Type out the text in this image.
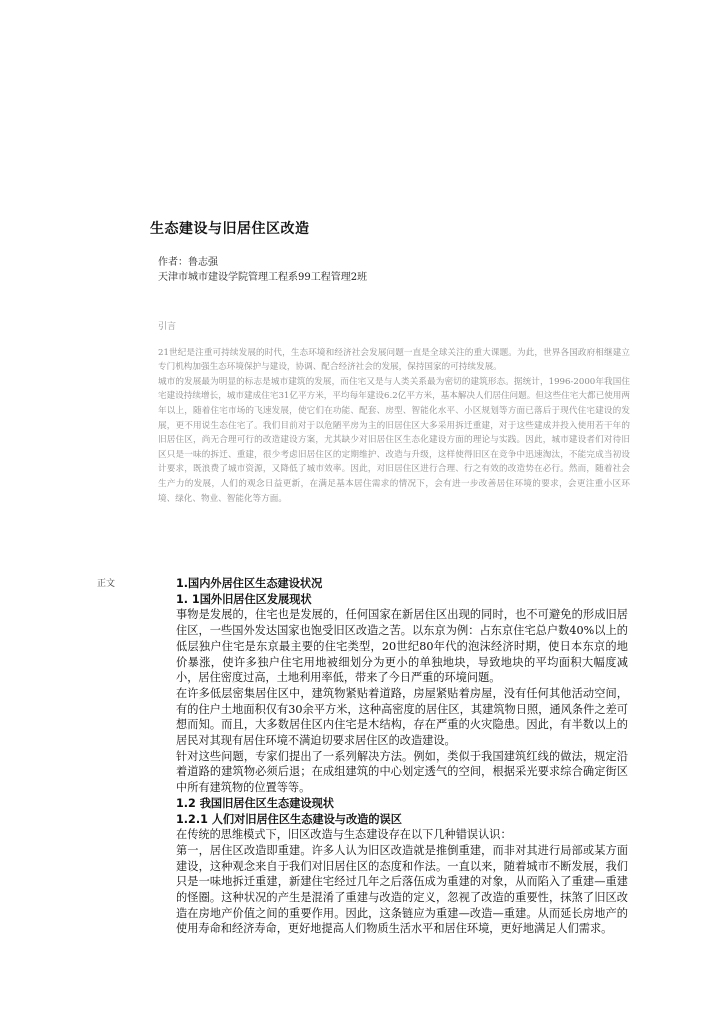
生态建设与旧居住区改造
作者：鲁志强
天津市城市建设学院管理工程系99工程管理2班
引言

21世纪是注重可持续发展的时代，生态环境和经济社会发展问题一直是全球关注的重大课题。为此，世界各国政府相继建立专门机构加强生态环境保护与建设，协调、配合经济社会的发展，保持国家的可持续发展。

城市的发展最为明显的标志是城市建筑的发展，而住宅又是与人类关系最为密切的建筑形态。据统计，1996-2000年我国住宅建设持续增长，城市建成住宅31亿平方米，平均每年建设6.2亿平方米，基本解决人们居住问题。但这些住宅大都已使用两年以上，随着住宅市场的飞速发展，使它们在功能、配套、房型、智能化水平、小区规划等方面已落后于现代住宅建设的发展，更不用说生态住宅了。我们目前对于以危陋平房为主的旧居住区大多采用拆迁重建，对于这些建成并投入使用若干年的旧居住区，尚无合理可行的改造建设方案，尤其缺少对旧居住区生态化建设方面的理论与实践。因此，城市建设者们对待旧区只是一味的拆迁、重建，很少考虑旧居住区的定期维护、改造与升级，这样使得旧区在竞争中迅速淘汰，不能完成当初设计要求，既浪费了城市资源，又降低了城市效率。因此，对旧居住区进行合理、行之有效的改造势在必行。然而，随着社会生产力的发展，人们的观念日益更新，在满足基本居住需求的情况下，会有进一步改善居住环境的要求，会更注重小区环境、绿化、物业、智能化等方面。

正文	1.国内外居住区生态建设状况
1. 1国外旧居住区发展现状

事物是发展的，住宅也是发展的，任何国家在新居住区出现的同时，也不可避免的形成旧居住区，一些国外发达国家也饱受旧区改造之苦。以东京为例：占东京住宅总户数40%以上的低层独户住宅是东京最主要的住宅类型，20世纪80年代的泡沫经济时期，使日本东京的地价暴涨，使许多独户住宅用地被细划分为更小的单独地块，导致地块的平均面积大幅度减小，居住密度过高，土地利用率低，带来了今日严重的环境问题。

在许多低层密集居住区中，建筑物紧贴着道路，房屋紧贴着房屋，没有任何其他活动空间，有的住户土地面积仅有30余平方米，这种高密度的居住区，其建筑物日照，通风条件之差可想而知。而且，大多数居住区内住宅是木结构，存在严重的火灾隐患。因此，有半数以上的居民对其现有居住环境不满迫切要求居住区的改造建设。

针对这些问题，专家们提出了一系列解决方法。例如，类似于我国建筑红线的做法，规定沿着道路的建筑物必须后退；在成组建筑的中心划定透气的空间，根据采光要求综合确定街区中所有建筑物的位置等等。

1.2 我国旧居住区生态建设现状
1.2.1 人们对旧居住区生态建设与改造的误区

在传统的思维模式下，旧区改造与生态建设存在以下几种错误认识：

第一，居住区改造即重建。许多人认为旧区改造就是推倒重建，而非对其进行局部或某方面建设，这种观念来自于我们对旧居住区的态度和作法。一直以来，随着城市不断发展，我们只是一味地拆迁重建，新建住宅经过几年之后落伍成为重建的对象，从而陷入了重建—重建的怪圈。这种状况的产生是混淆了重建与改造的定义，忽视了改造的重要性，抹煞了旧区改造在房地产价值之间的重要作用。因此，这条链应为重建—改造—重建。从而延长房地产的使用寿命和经济寿命，更好地提高人们物质生活水平和居住环境，更好地满足人们需求。
